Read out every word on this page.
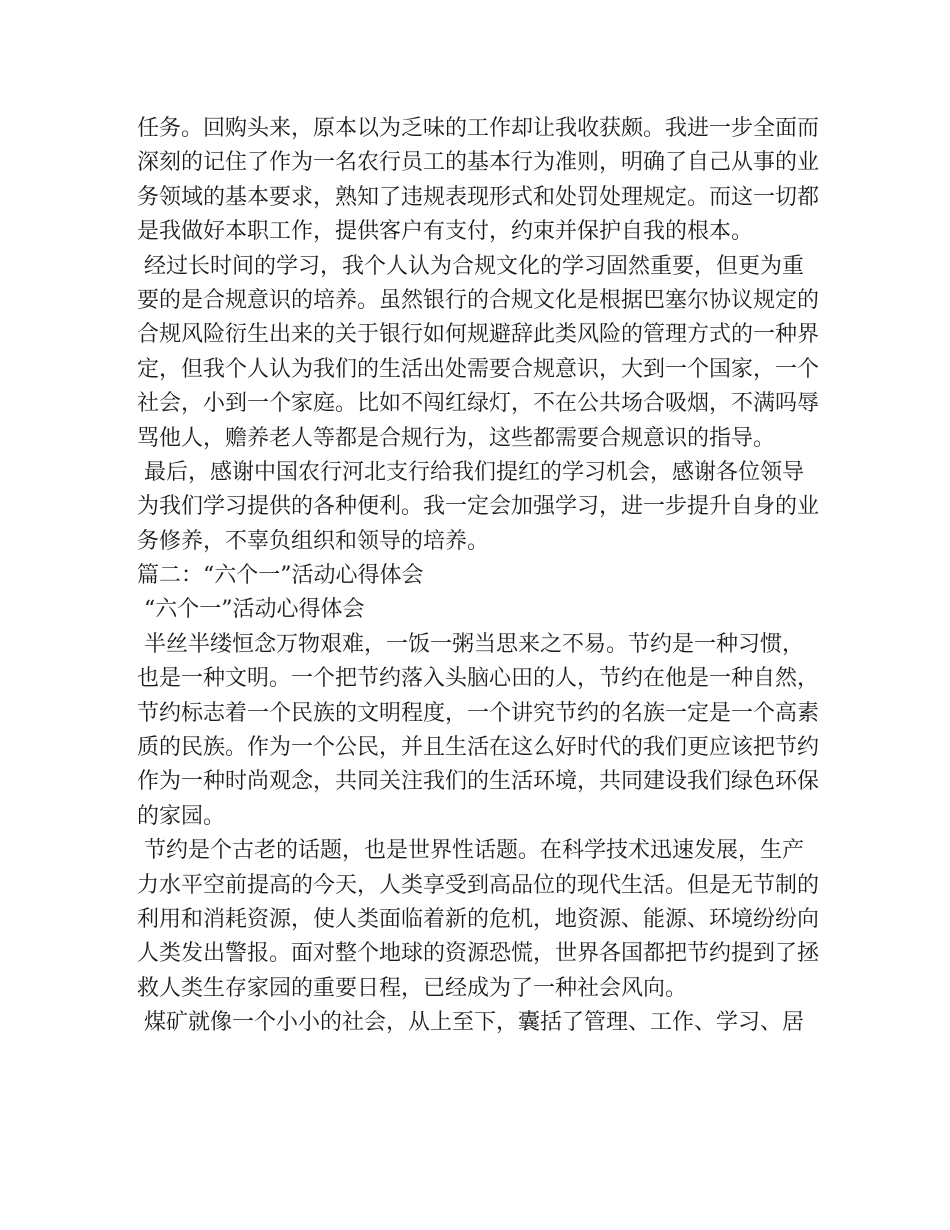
任务。回购头来，原本以为乏味的工作却让我收获颇。我进一步全面而
深刻的记住了作为一名农行员工的基本行为准则，明确了自己从事的业
务领域的基本要求，熟知了违规表现形式和处罚处理规定。而这一切都
是我做好本职工作，提供客户有支付，约束并保护自我的根本。
经过长时间的学习，我个人认为合规文化的学习固然重要，但更为重
要的是合规意识的培养。虽然银行的合规文化是根据巴塞尔协议规定的
合规风险衍生出来的关于银行如何规避辞此类风险的管理方式的一种界
定，但我个人认为我们的生活出处需要合规意识，大到一个国家，一个
社会，小到一个家庭。比如不闯红绿灯，不在公共场合吸烟，不满吗辱
骂他人，赡养老人等都是合规行为，这些都需要合规意识的指导。
最后，感谢中国农行河北支行给我们提红的学习机会，感谢各位领导
为我们学习提供的各种便利。我一定会加强学习，进一步提升自身的业
务修养，不辜负组织和领导的培养。
篇二：“六个一”活动心得体会
“六个一”活动心得体会
半丝半缕恒念万物艰难，一饭一粥当思来之不易。节约是一种习惯，
也是一种文明。一个把节约落入头脑心田的人，节约在他是一种自然，
节约标志着一个民族的文明程度，一个讲究节约的名族一定是一个高素
质的民族。作为一个公民，并且生活在这么好时代的我们更应该把节约
作为一种时尚观念，共同关注我们的生活环境，共同建设我们绿色环保
的家园。
节约是个古老的话题，也是世界性话题。在科学技术迅速发展，生产
力水平空前提高的今天，人类享受到高品位的现代生活。但是无节制的
利用和消耗资源，使人类面临着新的危机，地资源、能源、环境纷纷向
人类发出警报。面对整个地球的资源恐慌，世界各国都把节约提到了拯
救人类生存家园的重要日程，已经成为了一种社会风向。
煤矿就像一个小小的社会，从上至下，囊括了管理、工作、学习、居
